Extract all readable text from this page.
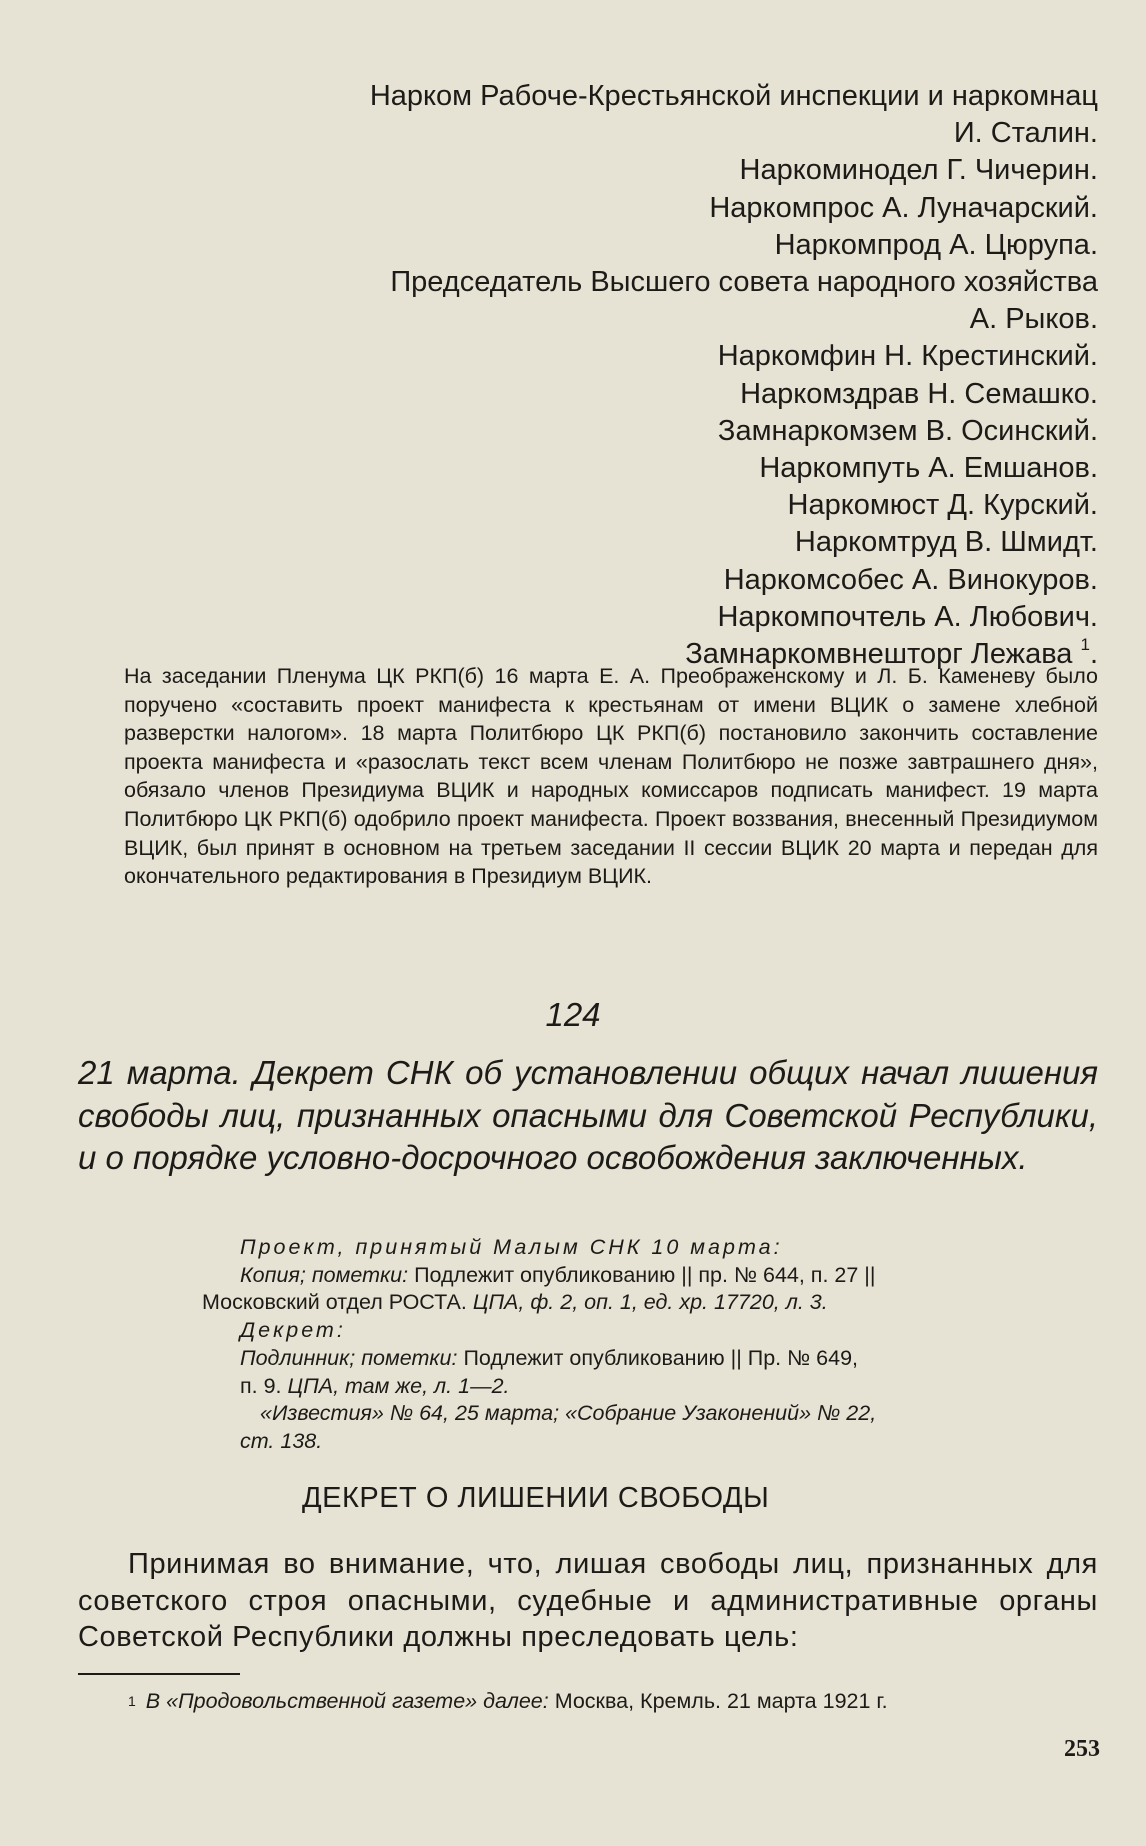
Нарком Рабоче-Крестьянской инспекции и наркомнац
И. Сталин.
Наркоминодел Г. Чичерин.
Наркомпрос А. Луначарский.
Наркомпрод А. Цюрупа.
Председатель Высшего совета народного хозяйства
А. Рыков.
Наркомфин Н. Крестинский.
Наркомздрав Н. Семашко.
Замнаркомзем В. Осинский.
Наркомпуть А. Емшанов.
Наркомюст Д. Курский.
Наркомтруд В. Шмидт.
Наркомсобес А. Винокуров.
Наркомпочтель А. Любович.
Замнаркомвнешторг Лежава $^1$.

На заседании Пленума ЦК РКП(б) 16 марта Е. А. Преображенскому и Л. Б. Каменеву было поручено «составить проект манифеста к крестьянам от имени ВЦИК о замене хлебной разверстки налогом». 18 марта Политбюро ЦК РКП(б) постановило закончить составление проекта манифеста и «разослать текст всем членам Политбюро не позже завтрашнего дня», обязало членов Президиума ВЦИК и народных комиссаров подписать манифест. 19 марта Политбюро ЦК РКП(б) одобрило проект манифеста. Проект воззвания, внесенный Президиумом ВЦИК, был принят в основном на третьем заседании II сессии ВЦИК 20 марта и передан для окончательного редактирования в Президиум ВЦИК.

124

21 марта. Декрет СНК об установлении общих начал лишения свободы лиц, признанных опасными для Советской Республики, и о порядке условно-досрочного освобождения заключенных.

Проект, принятый Малым СНК 10 марта:
Копия; пометки: Подлежит опубликованию || пр. № 644, п. 27 ||
Московский отдел РОСТА. ЦПА, ф. 2, оп. 1, ед. хр. 17720, л. 3.
Декрет:
Подлинник; пометки: Подлежит опубликованию || Пр. № 649,
п. 9. ЦПА, там же, л. 1—2.
«Известия» № 64, 25 марта; «Собрание Узаконений» № 22,
ст. 138.
ДЕКРЕТ О ЛИШЕНИИ СВОБОДЫ

Принимая во внимание, что, лишая свободы лиц, признанных для советского строя опасными, судебные и административные органы Советской Республики должны преследовать цель:

$^1$ В «Продовольственной газете» далее: Москва, Кремль. 21 марта 1921 г.
253
